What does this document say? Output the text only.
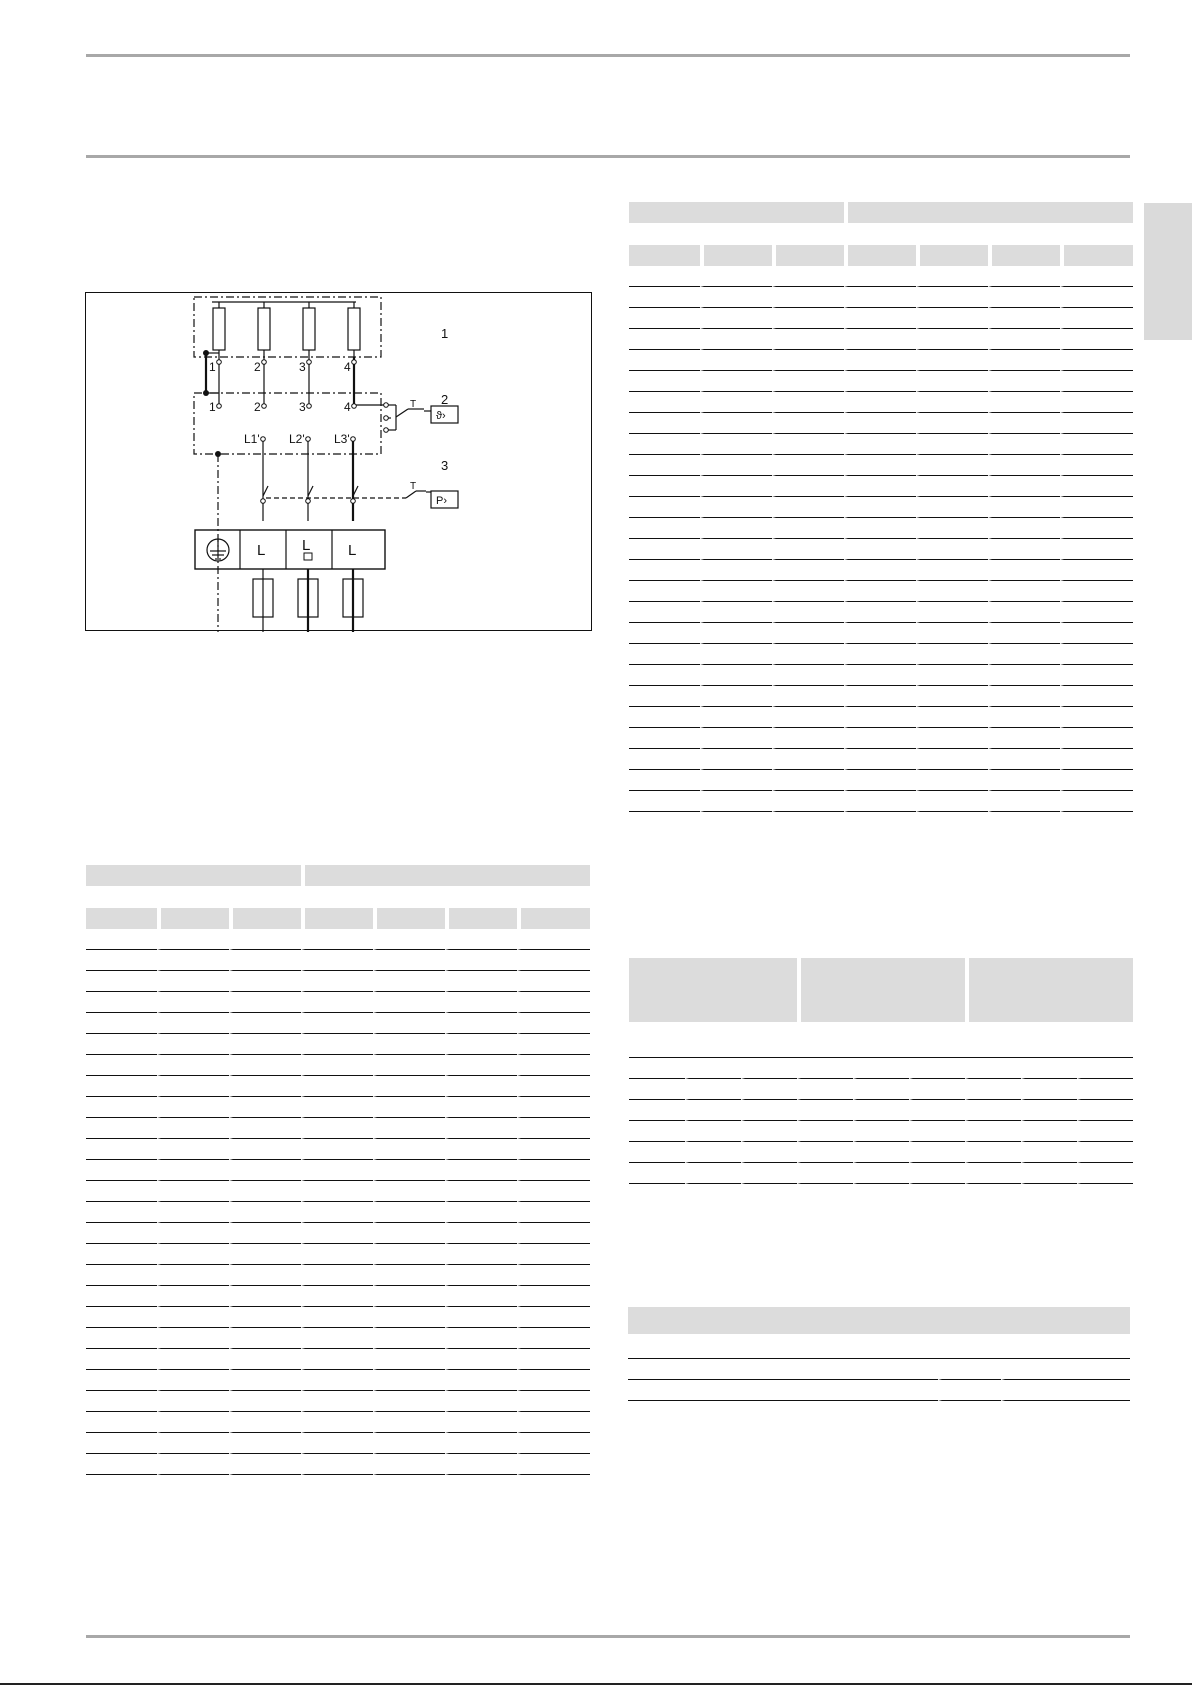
1	2	3	4
1	2	3	4
L1' L2' L3'
1
2
3
T
T
ϑ›
P›
L L	L
